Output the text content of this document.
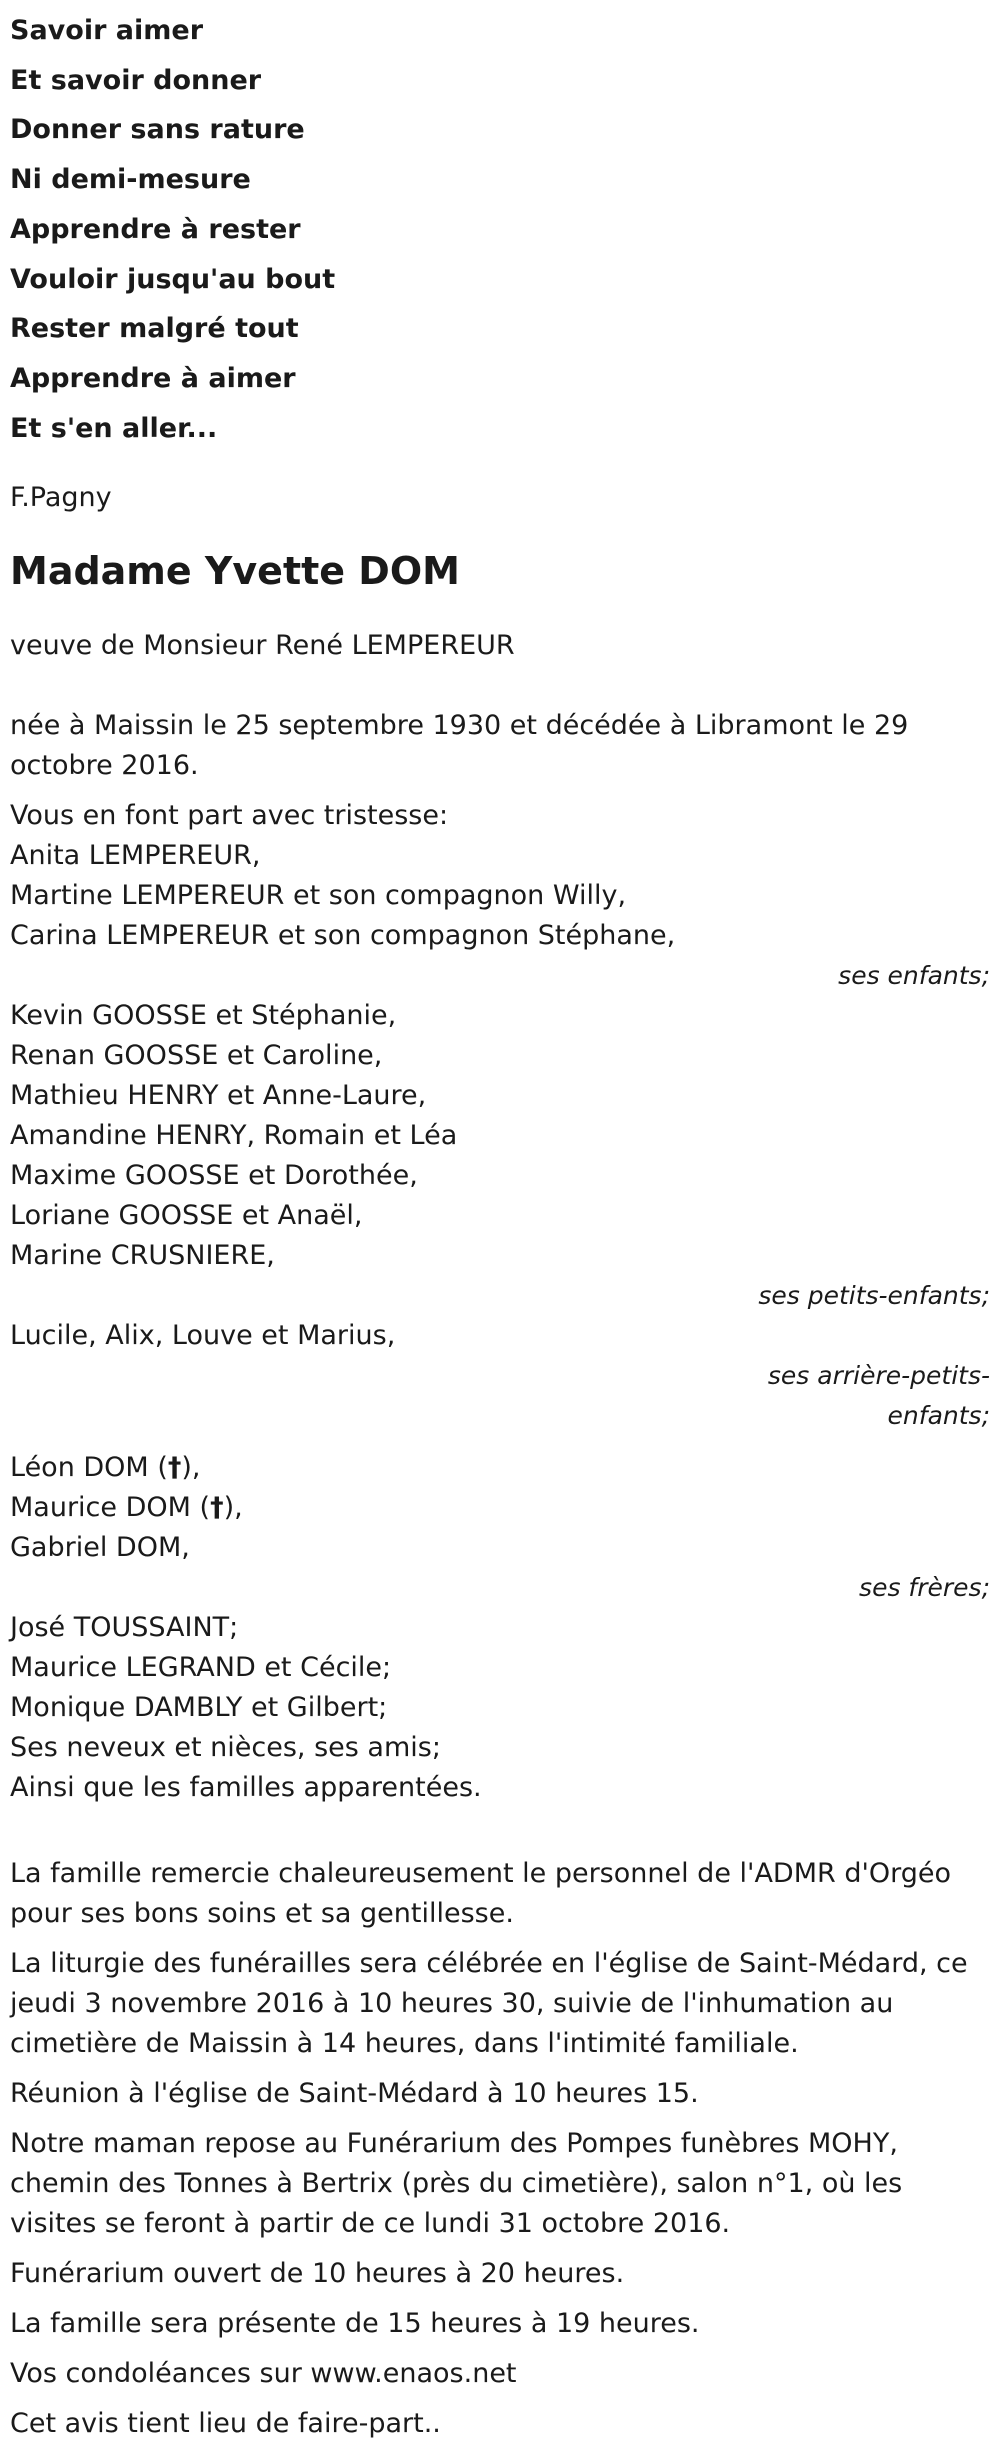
Savoir aimer
Et savoir donner
Donner sans rature
Ni demi-mesure
Apprendre à rester
Vouloir jusqu'au bout
Rester malgré tout
Apprendre à aimer
Et s'en aller...
F.Pagny
Madame Yvette DOM
veuve de Monsieur René LEMPEREUR
née à Maissin le 25 septembre 1930 et décédée à Libramont le 29 octobre 2016.
Vous en font part avec tristesse:
Anita LEMPEREUR,
Martine LEMPEREUR et son compagnon Willy,
Carina LEMPEREUR et son compagnon Stéphane,
ses enfants;
Kevin GOOSSE et Stéphanie,
Renan GOOSSE et Caroline,
Mathieu HENRY et Anne-Laure,
Amandine HENRY, Romain et Léa
Maxime GOOSSE et Dorothée,
Loriane GOOSSE et Anaël,
Marine CRUSNIERE,
ses petits-enfants;
Lucile, Alix, Louve et Marius,
ses arrière-petits-
enfants;
Léon DOM (†),
Maurice DOM (†),
Gabriel DOM,
ses frères;
José TOUSSAINT;
Maurice LEGRAND et Cécile;
Monique DAMBLY et Gilbert;
Ses neveux et nièces, ses amis;
Ainsi que les familles apparentées.
La famille remercie chaleureusement le personnel de l'ADMR d'Orgéo pour ses bons soins et sa gentillesse.
La liturgie des funérailles sera célébrée en l'église de Saint-Médard, ce jeudi 3 novembre 2016 à 10 heures 30, suivie de l'inhumation au cimetière de Maissin à 14 heures, dans l'intimité familiale.
Réunion à l'église de Saint-Médard à 10 heures 15.
Notre maman repose au Funérarium des Pompes funèbres MOHY, chemin des Tonnes à Bertrix (près du cimetière), salon n°1, où les visites se feront à partir de ce lundi 31 octobre 2016.
Funérarium ouvert de 10 heures à 20 heures.
La famille sera présente de 15 heures à 19 heures.
Vos condoléances sur www.enaos.net
Cet avis tient lieu de faire-part..
